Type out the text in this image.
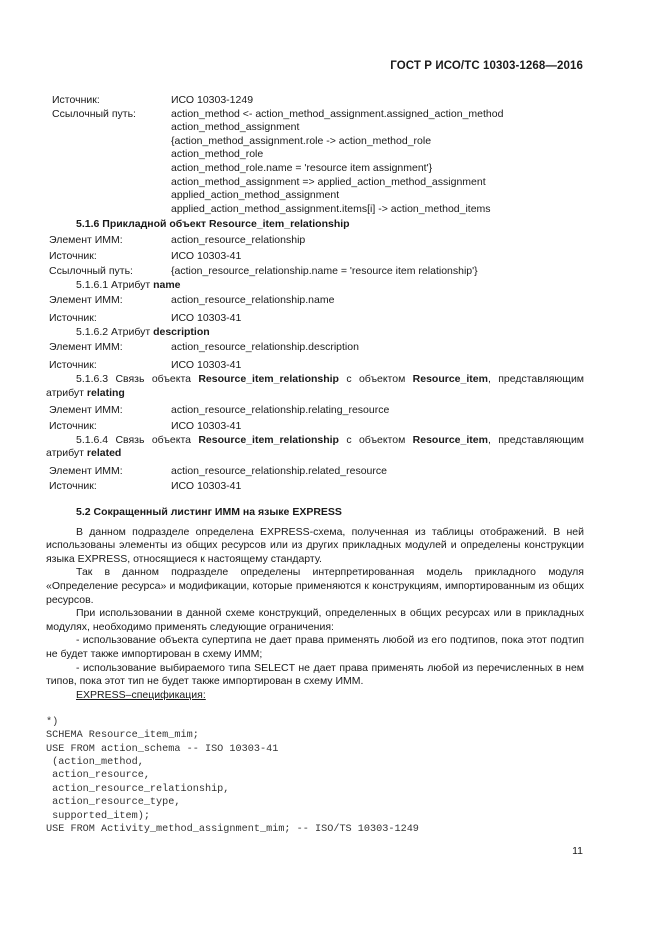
ГОСТ Р ИСО/ТС 10303-1268—2016
Источник:	ИСО 10303-1249
Ссылочный путь:	action_method <- action_method_assignment.assigned_action_method
action_method_assignment
{action_method_assignment.role -> action_method_role
action_method_role
action_method_role.name = 'resource item assignment'}
action_method_assignment => applied_action_method_assignment
applied_action_method_assignment
applied_action_method_assignment.items[i] -> action_method_items
5.1.6 Прикладной объект Resource_item_relationship
Элемент ИММ:	action_resource_relationship
Источник:	ИСО 10303-41
Ссылочный путь:	{action_resource_relationship.name = 'resource item relationship'}
5.1.6.1 Атрибут name
Элемент ИММ:	action_resource_relationship.name
Источник:	ИСО 10303-41
5.1.6.2 Атрибут description
Элемент ИММ:	action_resource_relationship.description
Источник:	ИСО 10303-41
5.1.6.3 Связь объекта Resource_item_relationship с объектом Resource_item, представляющим атрибут relating
Элемент ИММ:	action_resource_relationship.relating_resource
Источник:	ИСО 10303-41
5.1.6.4 Связь объекта Resource_item_relationship с объектом Resource_item, представляющим атрибут related
Элемент ИММ:	action_resource_relationship.related_resource
Источник:	ИСО 10303-41
5.2 Сокращенный листинг ИММ на языке EXPRESS
В данном подразделе определена EXPRESS-схема, полученная из таблицы отображений. В ней использованы элементы из общих ресурсов или из других прикладных модулей и определены конструкции языка EXPRESS, относящиеся к настоящему стандарту.
Так в данном подразделе определены интерпретированная модель прикладного модуля «Определение ресурса» и модификации, которые применяются к конструкциям, импортированным из общих ресурсов.
При использовании в данной схеме конструкций, определенных в общих ресурсах или в прикладных модулях, необходимо применять следующие ограничения:
- использование объекта супертипа не дает права применять любой из его подтипов, пока этот подтип не будет также импортирован в схему ИММ;
- использование выбираемого типа SELECT не дает права применять любой из перечисленных в нем типов, пока этот тип не будет также импортирован в схему ИММ.
EXPRESS–спецификация:

*)
SCHEMA Resource_item_mim;
USE FROM action_schema -- ISO 10303-41
(action_method,
action_resource,
action_resource_relationship,
action_resource_type,
supported_item);
USE FROM Activity_method_assignment_mim; -- ISO/TS 10303-1249
11
